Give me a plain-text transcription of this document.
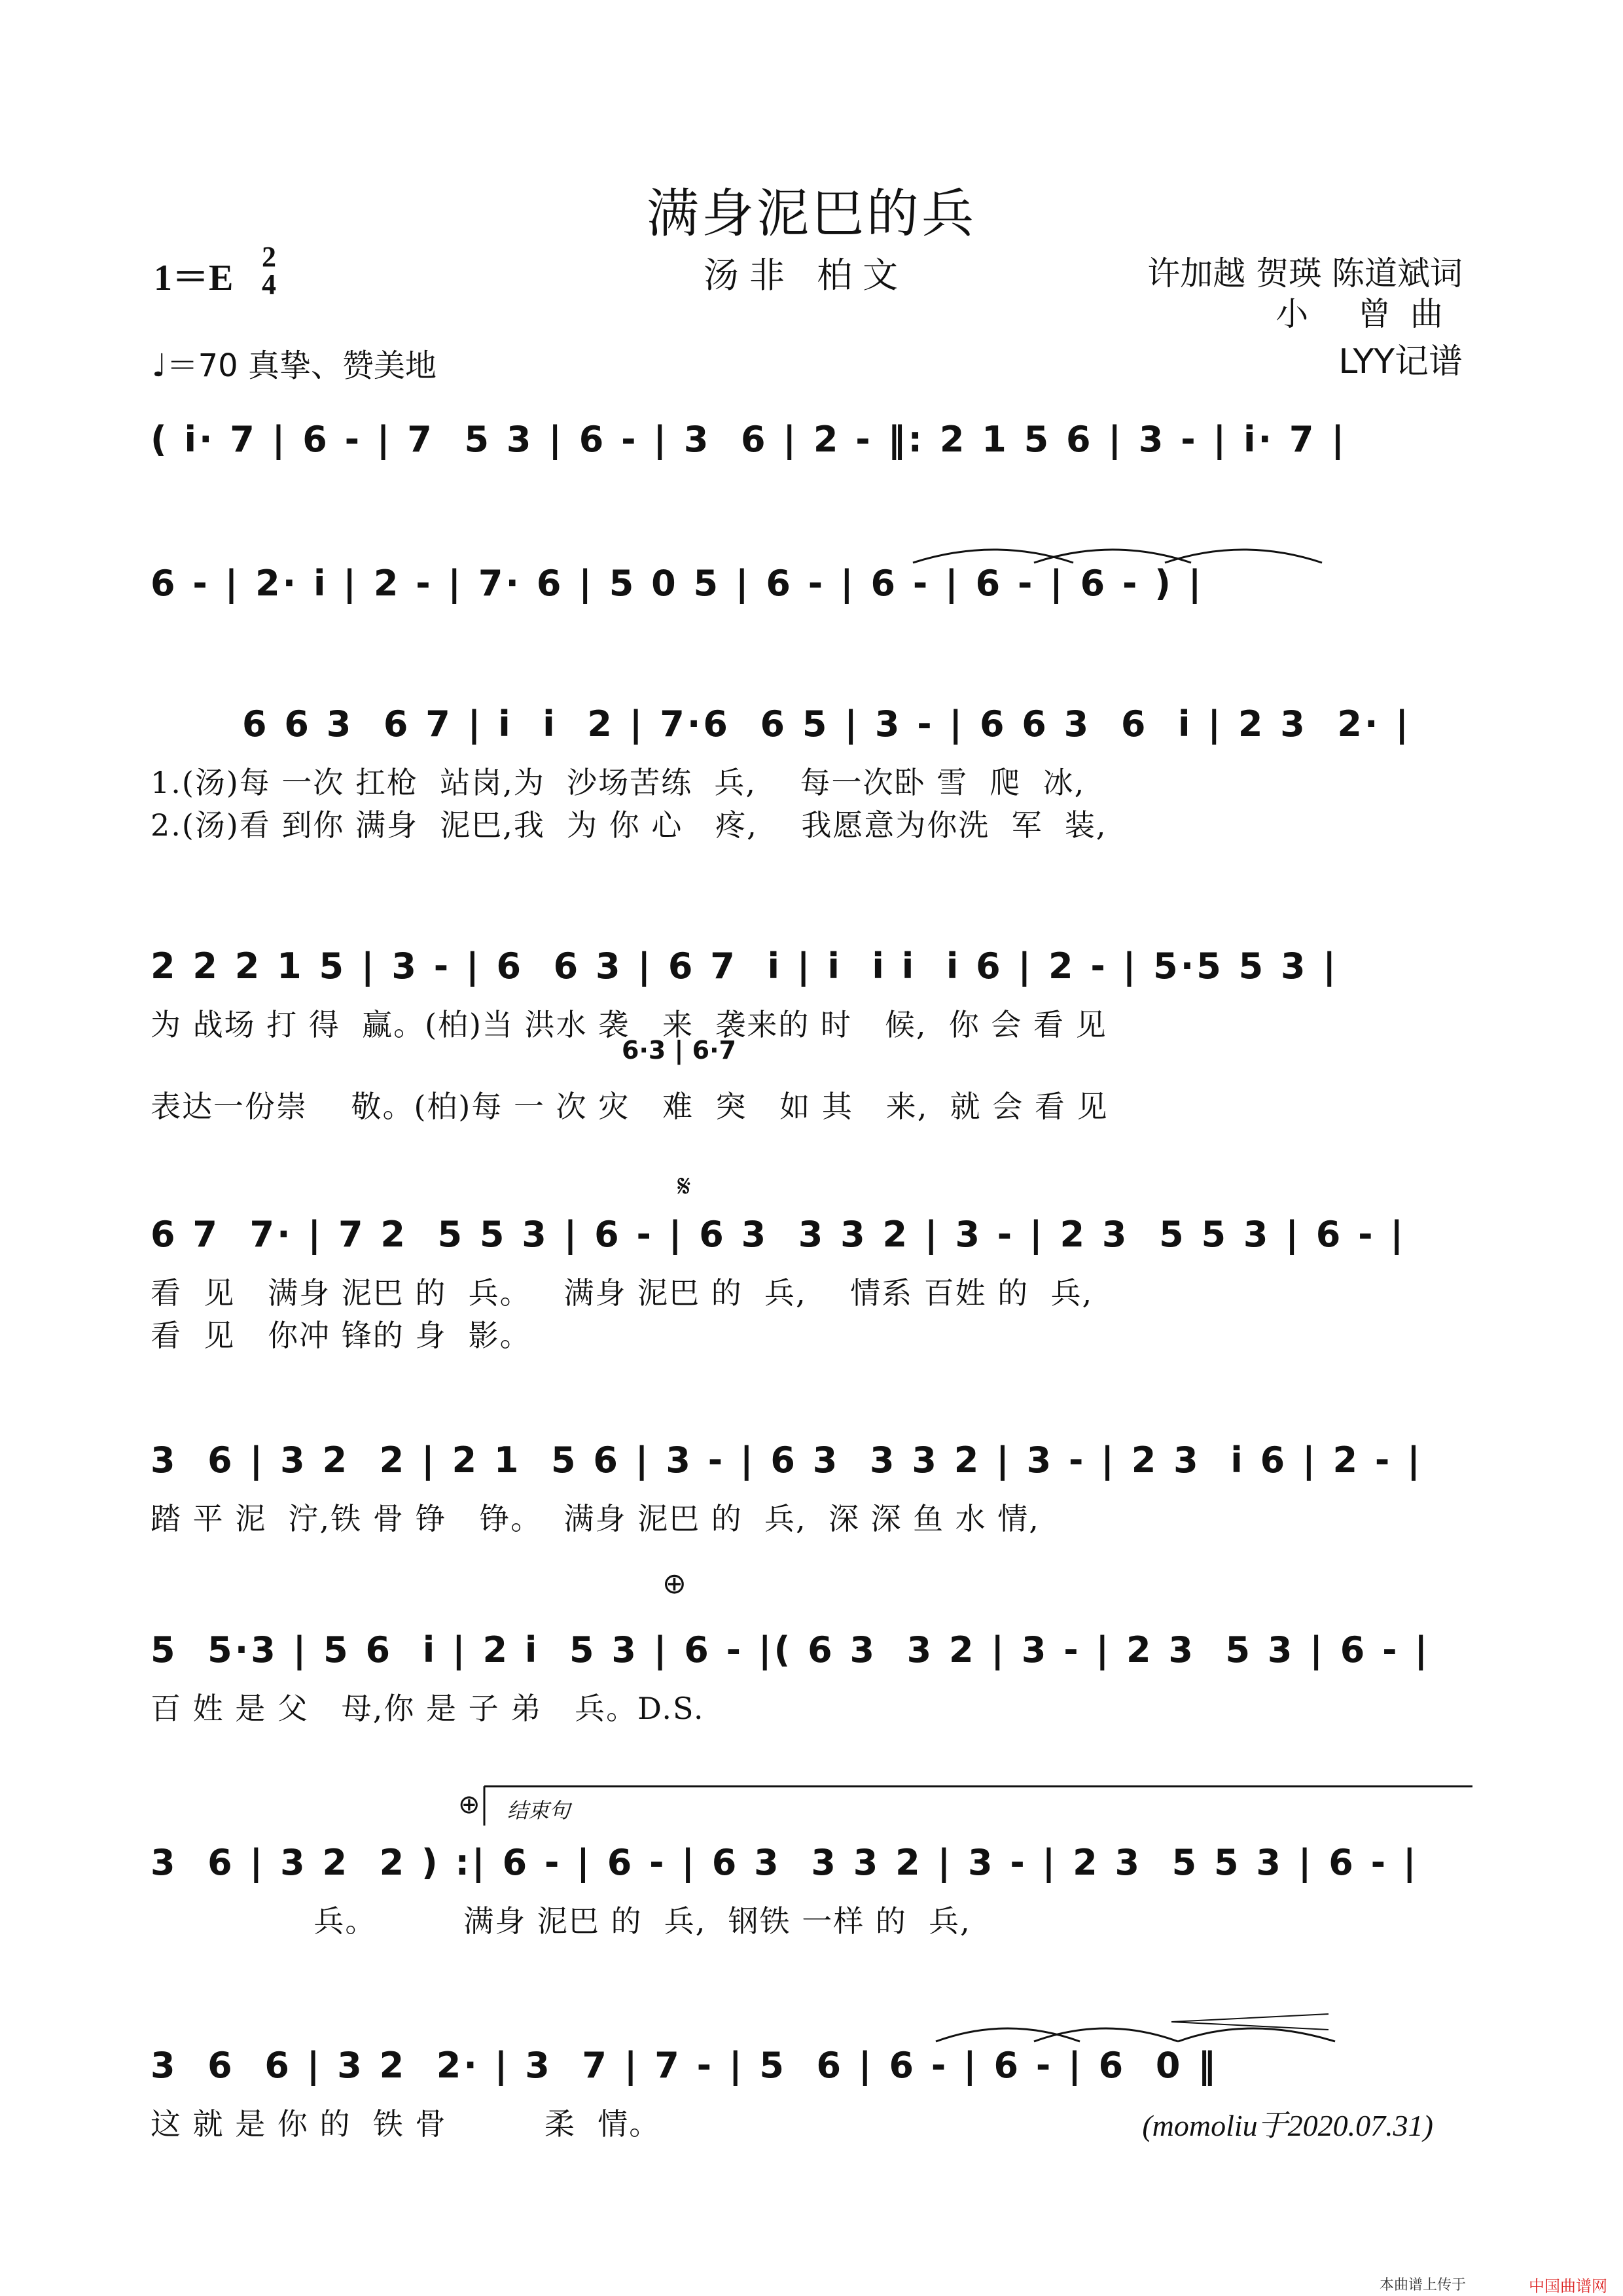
满身泥巴的兵
1＝E
2
4	汤非 柏文	许加越 贺瑛 陈道斌词
小 曾曲
♩＝70 真挚、赞美地	LYY记谱
( i· 7 | 6 - | 7  5 3 | 6 - | 3  6 | 2 - ‖: 2 1 5 6 | 3 - | i· 7 |
6 - | 2· i | 2 - | 7· 6 | 5 0 5 | 6 - | 6 - | 6 - | 6 - ) |
6 6 3  6 7 | i  i  2 | 7·6  6 5 | 3 - | 6 6 3  6  i | 2 3  2· |
1.(汤)每 一次 扛枪  站岗,为  沙场苦练  兵,    每一次卧 雪  爬  冰,
2.(汤)看 到你 满身  泥巴,我  为 你 心   疼,    我愿意为你洗  军  装,
2 2 2 1 5 | 3 - | 6  6 3 | 6 7  i | i  i i  i 6 | 2 - | 5·5 5 3 |
为 战场 打 得  赢。(柏)当 洪水 袭   来  袭来的 时   候,  你 会 看 见
6·3 | 6·7
表达一份崇    敬。(柏)每 一 次 灾   难  突   如 其   来,  就 会 看 见
𝄋
6 7  7· | 7 2  5 5 3 | 6 - | 6 3  3 3 2 | 3 - | 2 3  5 5 3 | 6 - |
看  见   满身 泥巴 的  兵。   满身 泥巴 的  兵,    情系 百姓 的  兵,
看  见   你冲 锋的 身  影。
3  6 | 3 2  2 | 2 1  5 6 | 3 - | 6 3  3 3 2 | 3 - | 2 3  i 6 | 2 - |
踏 平 泥  泞,铁 骨 铮   铮。  满身 泥巴 的  兵,  深 深 鱼 水 情,
⊕
5  5·3 | 5 6  i | 2 i  5 3 | 6 - |( 6 3  3 2 | 3 - | 2 3  5 3 | 6 - |
百 姓 是 父   母,你 是 子 弟   兵。D.S.
⊕ 结束句
3  6 | 3 2  2 ) :| 6 - | 6 - | 6 3  3 3 2 | 3 - | 2 3  5 5 3 | 6 - |
兵。        满身 泥巴 的  兵,  钢铁 一样 的  兵,
3  6  6 | 3 2  2· | 3  7 | 7 - | 5  6 | 6 - | 6 - | 6  0 ‖
这 就 是 你 的  铁 骨         柔  情。	(momoliu于2020.07.31)
本曲谱上传于	中国曲谱网
